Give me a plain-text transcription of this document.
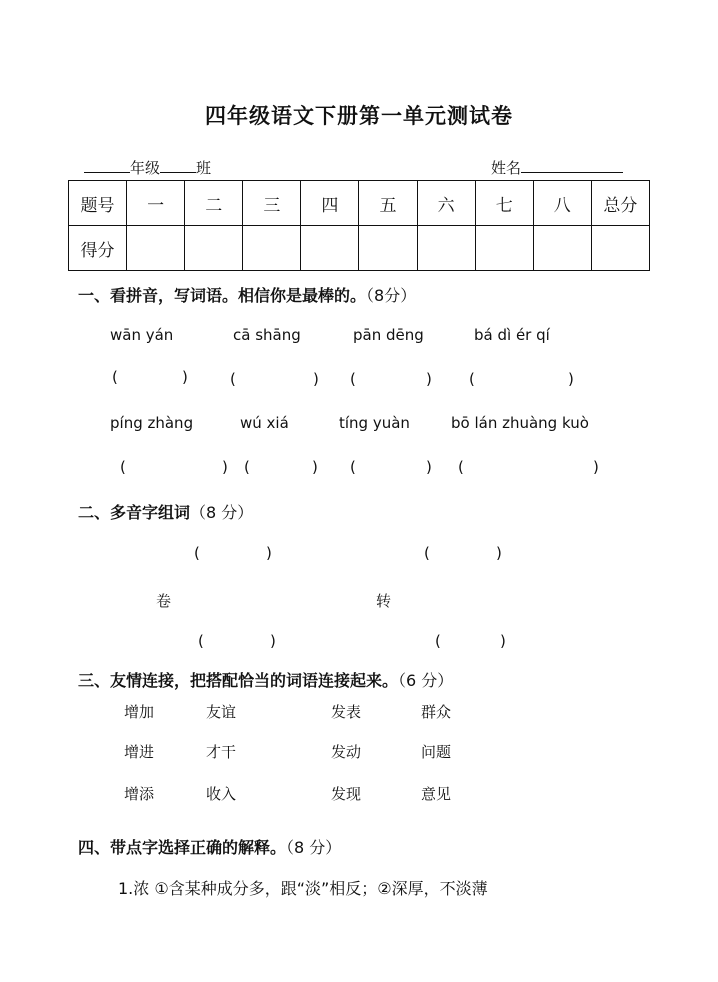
四年级语文下册第一单元测试卷
年级 班	姓名
题号	一	二	三	四	五	六	七	八	总分
得分									
一、看拼音，写词语。相信你是最棒的。（8分）
wān yán	cā shāng	pān dēng	bá dì ér qí
(	)	(	) (	) (	)
píng zhàng	wú xiá	tíng yuàn	bō lán zhuàng kuò
(	) (	) (	) (	)
二、多音字组词（8 分）
(	)	(	)
卷	转
(	)	(	)
三、友情连接，把搭配恰当的词语连接起来。（6 分）
增加	友谊	发表	群众
增进	才干	发动	问题
增添	收入	发现	意见
四、带点字选择正确的解释。（8 分）
1.浓 ①含某种成分多，跟“淡”相反；②深厚，不淡薄
